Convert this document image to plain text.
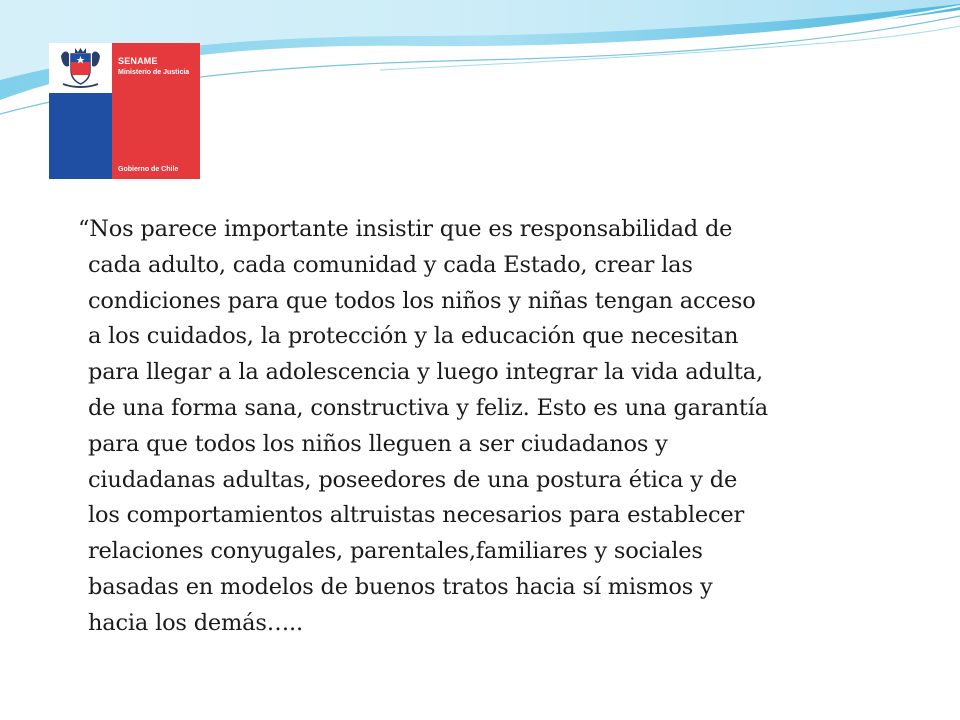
SENAME
Ministerio de Justicia
Gobierno de Chile

“Nos parece importante insistir que es responsabilidad de
cada adulto, cada comunidad y cada Estado, crear las
condiciones para que todos los niños y niñas tengan acceso
a los cuidados, la protección y la educación que necesitan
para llegar a la adolescencia y luego integrar la vida adulta,
de una forma sana, constructiva y feliz. Esto es una garantía
para que todos los niños lleguen a ser ciudadanos y
ciudadanas adultas, poseedores de una postura ética y de
los comportamientos altruistas necesarios para establecer
relaciones conyugales, parentales,familiares y sociales
basadas en modelos de buenos tratos hacia sí mismos y
hacia los demás…..
